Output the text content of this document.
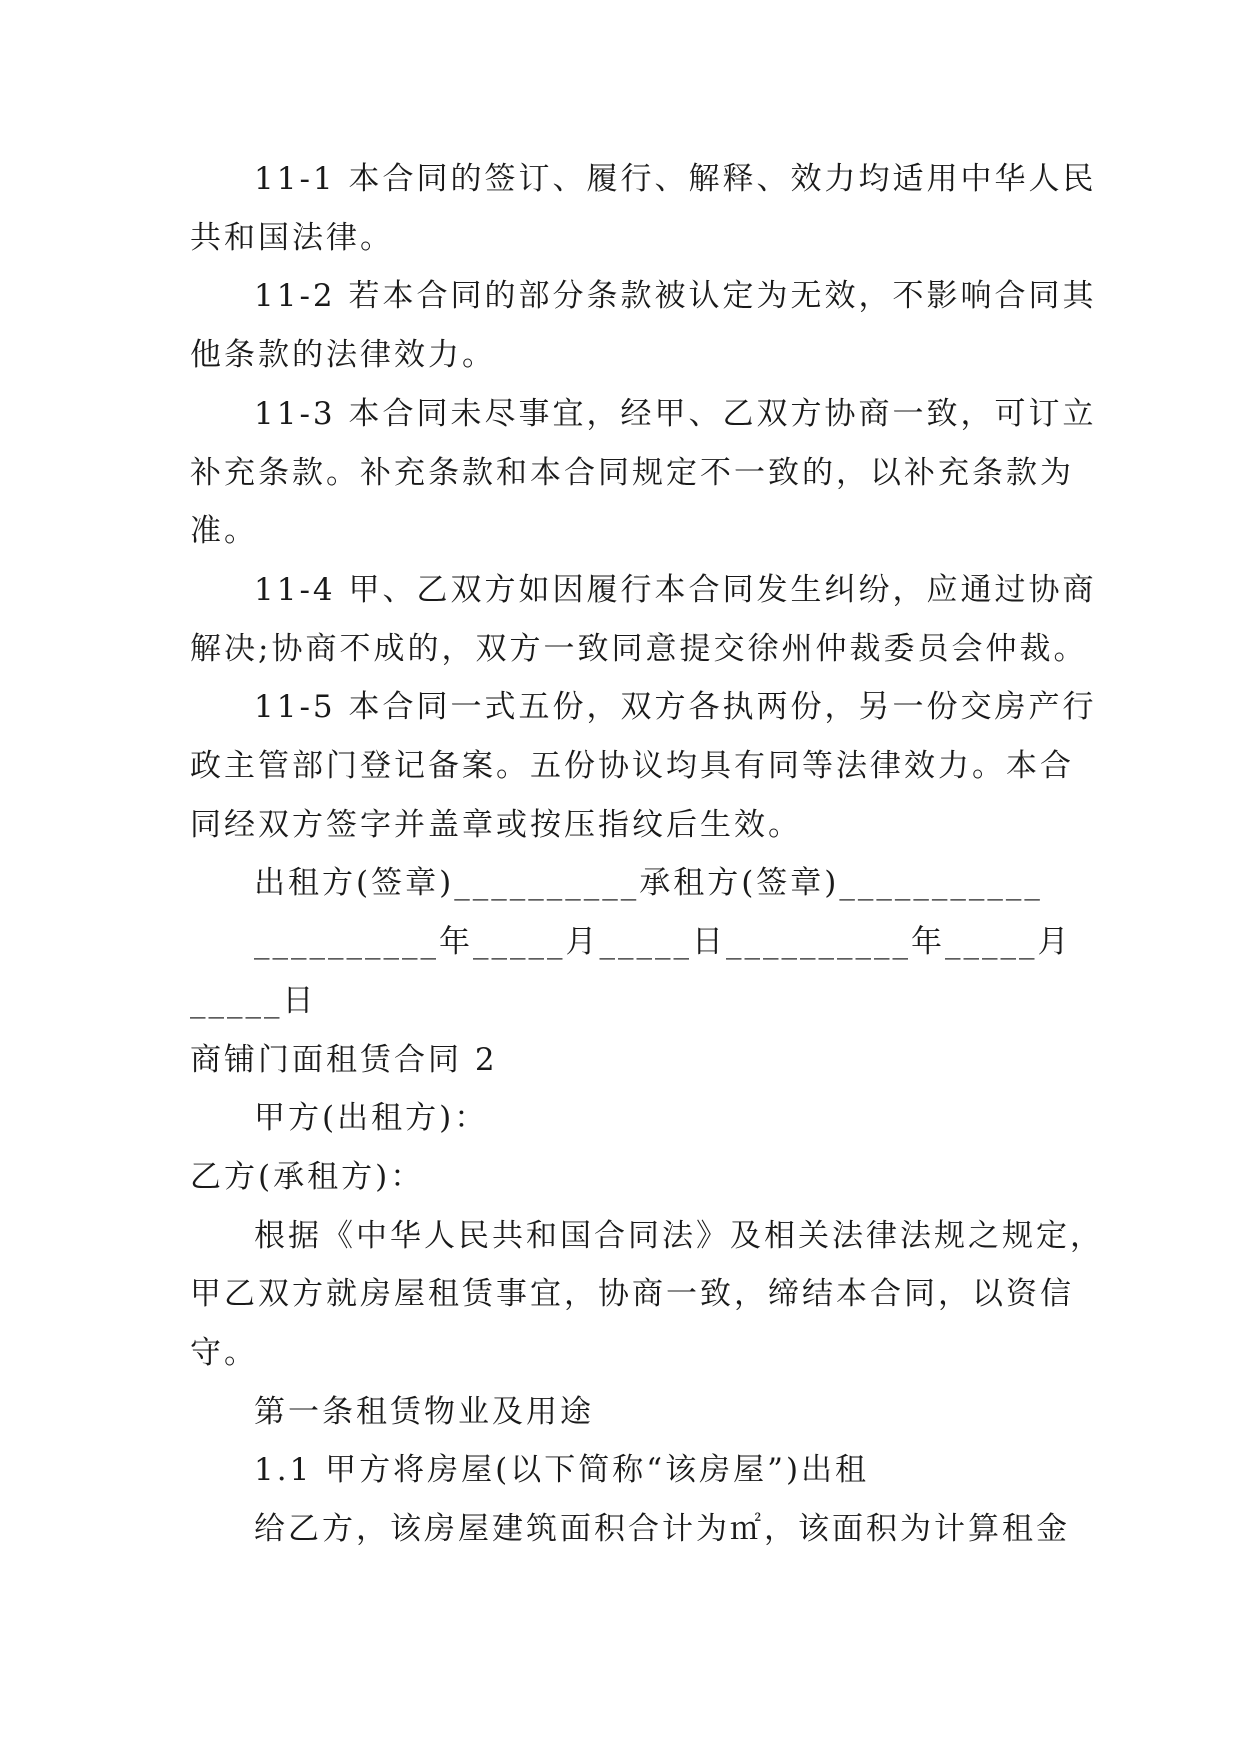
11-1 本合同的签订、履行、解释、效力均适用中华人民

共和国法律。

11-2 若本合同的部分条款被认定为无效，不影响合同其

他条款的法律效力。

11-3 本合同未尽事宜，经甲、乙双方协商一致，可订立

补充条款。补充条款和本合同规定不一致的，以补充条款为

准。

11-4 甲、乙双方如因履行本合同发生纠纷，应通过协商

解决;协商不成的，双方一致同意提交徐州仲裁委员会仲裁。

11-5 本合同一式五份，双方各执两份，另一份交房产行

政主管部门登记备案。五份协议均具有同等法律效力。本合

同经双方签字并盖章或按压指纹后生效。

出租方(签章)__________承租方(签章)___________

__________年_____月_____日__________年_____月

_____日

商铺门面租赁合同 2

甲方(出租方)：

乙方(承租方)：

根据《中华人民共和国合同法》及相关法律法规之规定，

甲乙双方就房屋租赁事宜，协商一致，缔结本合同，以资信

守。

第一条租赁物业及用途

1.1 甲方将房屋(以下简称“该房屋”)出租

给乙方，该房屋建筑面积合计为㎡，该面积为计算租金
